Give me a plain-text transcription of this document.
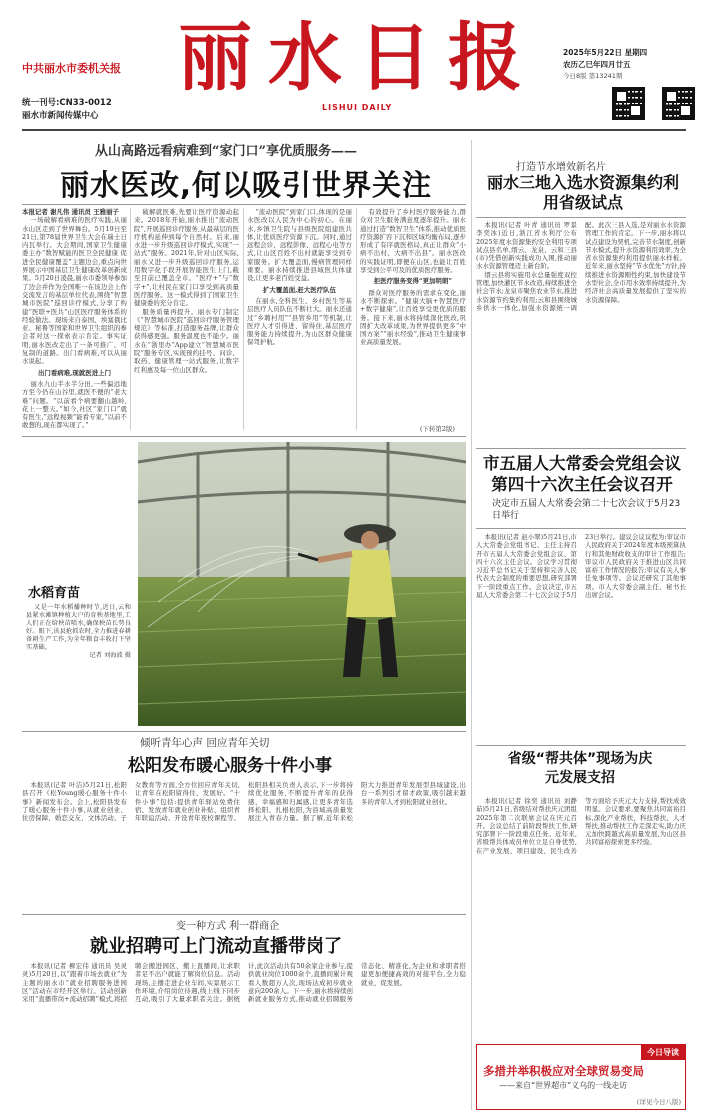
中共丽水市委机关报
统一刊号:CN33-0012
丽水市新闻传媒中心
丽水日报
LISHUI DAILY
2025年5月22日 星期四
农历乙巳年四月廿五
今日8版 第13241期
从山高路远看病难到“家门口”享优质服务——
丽水医改,何以吸引世界关注

本报记者 谢凡伟 通讯员 王雅丽子

一场破解看病难的医疗实践,从丽水山区走到了世界舞台。5月19日至21日,第78届世界卫生大会在瑞士日内瓦举行。大会期间,国家卫生健康委主办“数智赋能的医卫全民健康 促进全民健康覆盖”主题边会,重点向世界展示中国基层卫生健康改革创新成果。5月20日凌晨,丽水市委领导参加了边会并作为全国唯一在该边会上作交流发言的基层单位代表,围绕“智慧城市医院”巡回诊疗模式,分享了构建“医联+医共”山区医疗服务体系的经验做法。现场来自泰国、埃塞俄比亚、秘鲁等国家和世界卫生组织的参会者对这一探索表示肯定。事实证明,丽水医改走出了一条可推广、可复制的道路。出门看病难,可以从丽水说起。

出门看病难,现就医进上门

丽水九山半水半分田,一些偏远地方至今仍在山谷里,就医不便的“老大难”问题。“以前看个病要翻山越岭,花上一整天。”如今,社区“家门口”就有医生,“远程视频”能看专家,“以前不敢想的,现在都实现了。”

破解就医难,先要让医疗资源动起来。2018年开始,丽水推出“流动医院”,开展巡回诊疗服务,从最基层的医疗机构延伸到每个自然村。后来,丽水进一步升级巡回诊疗模式,实现“一站式”服务。2021年,针对山区实际,丽水又进一步升级巡回诊疗服务,运用数字化手段开展智能医生上门,截至目前已覆盖全市。“医疗+”与“数字+”,让村民在家门口享受到高质量医疗服务。这一模式得到了国家卫生健康委的充分肯定。

服务质量再提升。丽水专门制定《“智慧城市医院”巡回诊疗服务管理规范》等标准,打造服务品牌,让群众获得感更强。服务温度也不能少。丽水在“浙里办”App建立“智慧城市医院”服务专区,实现预约挂号、问诊、取药、健康管理一站式服务,让数字红利惠及每一位山区群众。

“流动医院”到家门口,体现的是丽水医改以人民为中心的初心。在丽水,乡镇卫生院与县级医院组建医共体,让优质医疗资源下沉。同时,通过远程会诊、远程影像、远程心电等方式,让山区百姓不出村就能享受到专家服务。扩大覆盖面,慢病管理同样重要。丽水持续推进县域医共体建设,让更多老百姓受益。

扩大覆盖面,赶大医疗队伍

在丽水,全科医生、乡村医生等基层医疗人员队伍不断壮大。丽水还通过“乡聘村用”“县管乡用”等机制,让医疗人才引得进、留得住,基层医疗服务能力持续提升,为山区群众健康保驾护航。

有效提升了乡村医疗服务能力,群众对卫生服务满意度逐年提升。丽水通过打造“数智卫生”体系,推动优质医疗资源扩容下沉和区域均衡布局,逐步形成了有序就医格局,真正让群众“小病不出村、大病不出县”。丽水医改的实践证明,即便在山区,也能让百姓享受到公平可及的优质医疗服务。

拒医疗服务变得“更加明朗”

群众对医疗服务的需求在变化,丽水不断探索。“健康大脑+智慧医疗+数字健康”,让百姓享受更优质的服务。接下来,丽水将持续深化医改,巩固扩大改革成果,为世界提供更多“中国方案”“丽水经验”,推动卫生健康事业高质量发展。

(下转第2版)
水稻育苗

又是一年水稻播种时节,近日,云和县紧水滩镇种植大户的育秧基地里,工人们正在给秧苗喷水,确保秧苗长势良好。眼下,该县抢抓农时,全力推进春耕备耕生产工作,为全年粮食丰收打下坚实基础。

记者 刘海波 摄

打造节水增效新名片
丽水三地入选水资源集约利用省级试点

本报讯(记者 叶青 通讯员 罗景 李奕冰)近日,浙江省水利厅公布2025年度水资源集约安全利用专项试点县名单,缙云、龙泉、云和三县(市)凭借创新实践成功入围,推动丽水水资源管理迈上新台阶。

缙云县将实施用水总量强度双控管理,加快灌区节水改造,持续推进全社会节水;龙泉市聚焦农业节水,推进水资源节约集约利用;云和县围绕城乡供水一体化,加强水资源统一调配。此次三县入选,是对丽水水资源管理工作的肯定。下一步,丽水将以试点建设为契机,完善节水制度,创新节水模式,提升水资源利用效率,为全省水资源集约利用提供丽水样板。近年来,丽水坚持“节水优先”方针,持续推进水资源刚性约束,加快建设节水型社会,全市用水效率持续提升,为经济社会高质量发展提供了坚实的水资源保障。

市五届人大常委会党组会议第四十六次主任会议召开
决定市五届人大常委会第二十七次会议于5月23日举行

本报讯(记者 赵小翠)5月21日,市人大常委会党组书记、主任主持召开市五届人大常委会党组会议、第四十六次主任会议。会议学习贯彻习近平总书记关于坚持和完善人民代表大会制度的重要思想,研究部署下一阶段重点工作。会议决定,市五届人大常委会第二十七次会议于5月23日举行。建议会议议程为:审议市人民政府关于2024年度本级预算执行和其他财政收支的审计工作报告;审议市人民政府关于推进山区共同富裕工作情况的报告;审议有关人事任免事项等。会议还研究了其他事项。市人大常委会副主任、秘书长出席会议。

省级“帮共体”现场为庆元发展支招

本报讯(记者 徐奕 通讯员 刘静茹)5月21日,省级结对帮扶庆元团组2025年第二次联席会议在庆元召开。会议总结了前阶段帮扶工作,研究部署下一阶段重点任务。近年来,省级帮共体成员单位立足自身优势,在产业发展、项目建设、民生改善等方面给予庆元大力支持,帮扶成效明显。会议要求,要聚焦共同富裕目标,深化产业帮扶、科技帮扶、人才帮扶,推动帮扶工作走深走实,助力庆元加快跨越式高质量发展,为山区县共同富裕探索更多经验。

今日导读
多措并举积极应对全球贸易变局
——来自“世界超市”义乌的一线走访
(详见今日八版)
倾听青年心声 回应青年关切
松阳发布暖心服务十件小事

本报讯(记者 叶洁)5月21日,松阳县召开《松Young暖心服务十件小事》新闻发布会。会上,松阳县发布了暖心服务十件小事,从就业创业、住房保障、婚恋交友、文体活动、子女教育等方面,全方位回应青年关切,让青年在松阳留得住、发展好。“十件小事”包括:提供青年驿站免费住宿、发放青年就业创业补贴、组织青年联谊活动、开设青年夜校课程等。松阳县相关负责人表示,下一步将持续优化服务,不断提升青年的获得感、幸福感和归属感,让更多青年选择松阳、扎根松阳,为县域高质量发展注入青春力量。据了解,近年来松阳大力推进青年发展型县域建设,出台一系列引才留才政策,吸引越来越多的青年人才到松阳就业创业。

变一种方式 利一群商企
就业招聘可上门流动直播带岗了

本报讯(记者 柳宏伟 通讯员 吴灵灵)5月20日,以“跟着市场去就业”为主题的丽水市“就业招聘服务进园区”活动在市经开区举行。活动创新采用“直播带岗+流动招聘”模式,将招聘会搬进园区、搬上直播间,让求职者足不出户就能了解岗位信息。活动现场,主播走进企业车间,实景展示工作环境,介绍岗位待遇,线上线下同步互动,吸引了大量求职者关注。据统计,此次活动共有50余家企业参与,提供就业岗位1000余个,直播间累计观看人数超万人次,现场达成初步就业意向200余人。下一步,丽水将持续创新就业服务方式,推动就业招聘服务常态化、精准化,为企业和求职者搭建更加便捷高效的对接平台,全力稳就业、促发展。
